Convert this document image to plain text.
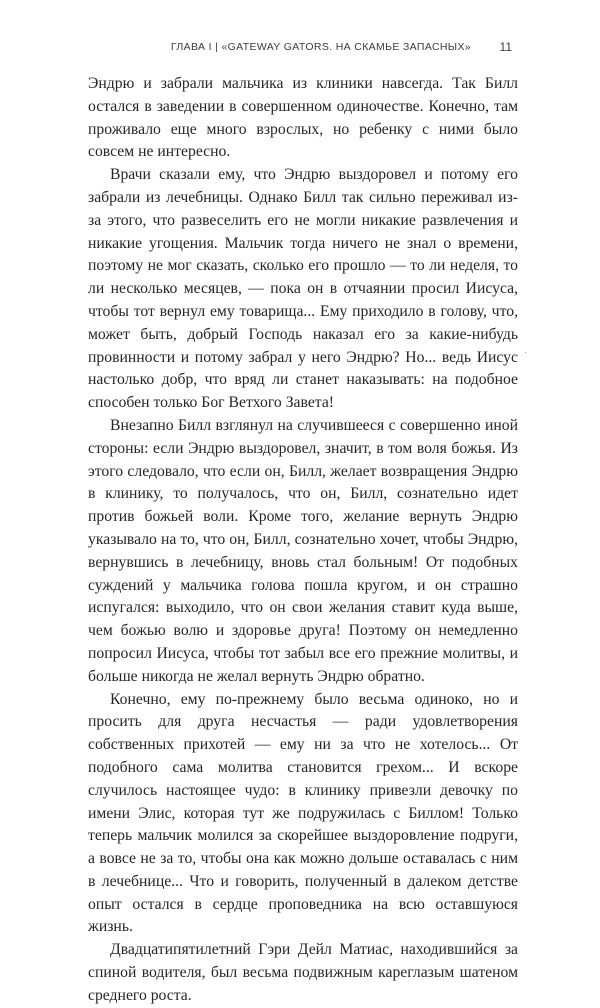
ГЛАВА I | «GATEWAY GATORS. НА СКАМЬЕ ЗАПАСНЫХ» 11

Эндрю и забрали мальчика из клиники навсегда. Так Билл остался в заведении в совершенном одиночестве. Конечно, там проживало еще много взрослых, но ребенку с ними было совсем не интересно.

Врачи сказали ему, что Эндрю выздоровел и потому его забрали из лечебницы. Однако Билл так сильно переживал из-за этого, что развеселить его не могли никакие развлечения и никакие угощения. Мальчик тогда ничего не знал о времени, поэтому не мог сказать, сколько его прошло — то ли неделя, то ли несколько месяцев, — пока он в отчаянии просил Иисуса, чтобы тот вернул ему товарища... Ему приходило в голову, что, может быть, добрый Господь наказал его за какие-нибудь провинности и потому забрал у него Эндрю? Но... ведь Иисус настолько добр, что вряд ли станет наказывать: на подобное способен только Бог Ветхого Завета!

Внезапно Билл взглянул на случившееся с совершенно иной стороны: если Эндрю выздоровел, значит, в том воля божья. Из этого следовало, что если он, Билл, желает возвращения Эндрю в клинику, то получалось, что он, Билл, сознательно идет против божьей воли. Кроме того, желание вернуть Эндрю указывало на то, что он, Билл, сознательно хочет, чтобы Эндрю, вернувшись в лечебницу, вновь стал больным! От подобных суждений у мальчика голова пошла кругом, и он страшно испугался: выходило, что он свои желания ставит куда выше, чем божью волю и здоровье друга! Поэтому он немедленно попросил Иисуса, чтобы тот забыл все его прежние молитвы, и больше никогда не желал вернуть Эндрю обратно.

Конечно, ему по-прежнему было весьма одиноко, но и просить для друга несчастья — ради удовлетворения собственных прихотей — ему ни за что не хотелось... От подобного сама молитва становится грехом... И вскоре случилось настоящее чудо: в клинику привезли девочку по имени Элис, которая тут же подружилась с Биллом! Только теперь мальчик молился за скорейшее выздоровление подруги, а вовсе не за то, чтобы она как можно дольше оставалась с ним в лечебнице... Что и говорить, полученный в далеком детстве опыт остался в сердце проповедника на всю оставшуюся жизнь.

Двадцатипятилетний Гэри Дейл Матиас, находившийся за спиной водителя, был весьма подвижным кареглазым шатеном среднего роста.
